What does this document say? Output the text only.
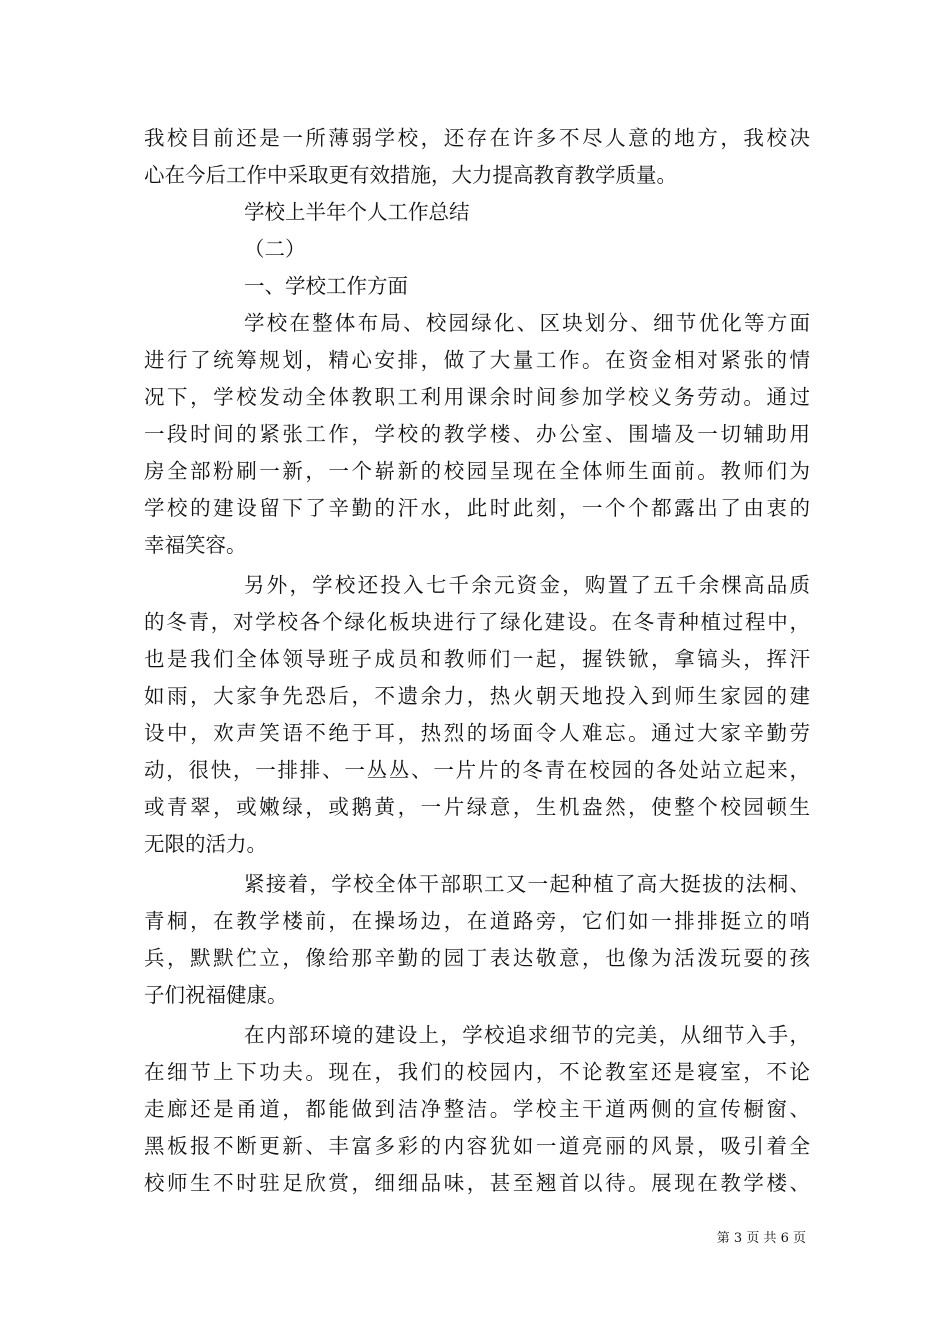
我校目前还是一所薄弱学校，还存在许多不尽人意的地方，我校决
心在今后工作中采取更有效措施，大力提高教育教学质量。
学校上半年个人工作总结
（二）
一、学校工作方面
学校在整体布局、校园绿化、区块划分、细节优化等方面
进行了统筹规划，精心安排，做了大量工作。在资金相对紧张的情
况下，学校发动全体教职工利用课余时间参加学校义务劳动。通过
一段时间的紧张工作，学校的教学楼、办公室、围墙及一切辅助用
房全部粉刷一新，一个崭新的校园呈现在全体师生面前。教师们为
学校的建设留下了辛勤的汗水，此时此刻，一个个都露出了由衷的
幸福笑容。
另外，学校还投入七千余元资金，购置了五千余棵高品质
的冬青，对学校各个绿化板块进行了绿化建设。在冬青种植过程中，
也是我们全体领导班子成员和教师们一起，握铁锨，拿镐头，挥汗
如雨，大家争先恐后，不遗余力，热火朝天地投入到师生家园的建
设中，欢声笑语不绝于耳，热烈的场面令人难忘。通过大家辛勤劳
动，很快，一排排、一丛丛、一片片的冬青在校园的各处站立起来，
或青翠，或嫩绿，或鹅黄，一片绿意，生机盎然，使整个校园顿生
无限的活力。
紧接着，学校全体干部职工又一起种植了高大挺拔的法桐、
青桐，在教学楼前，在操场边，在道路旁，它们如一排排挺立的哨
兵，默默伫立，像给那辛勤的园丁表达敬意，也像为活泼玩耍的孩
子们祝福健康。
在内部环境的建设上，学校追求细节的完美，从细节入手，
在细节上下功夫。现在，我们的校园内，不论教室还是寝室，不论
走廊还是甬道，都能做到洁净整洁。学校主干道两侧的宣传橱窗、
黑板报不断更新、丰富多彩的内容犹如一道亮丽的风景，吸引着全
校师生不时驻足欣赏，细细品味，甚至翘首以待。展现在教学楼、
第 3 页 共 6 页
